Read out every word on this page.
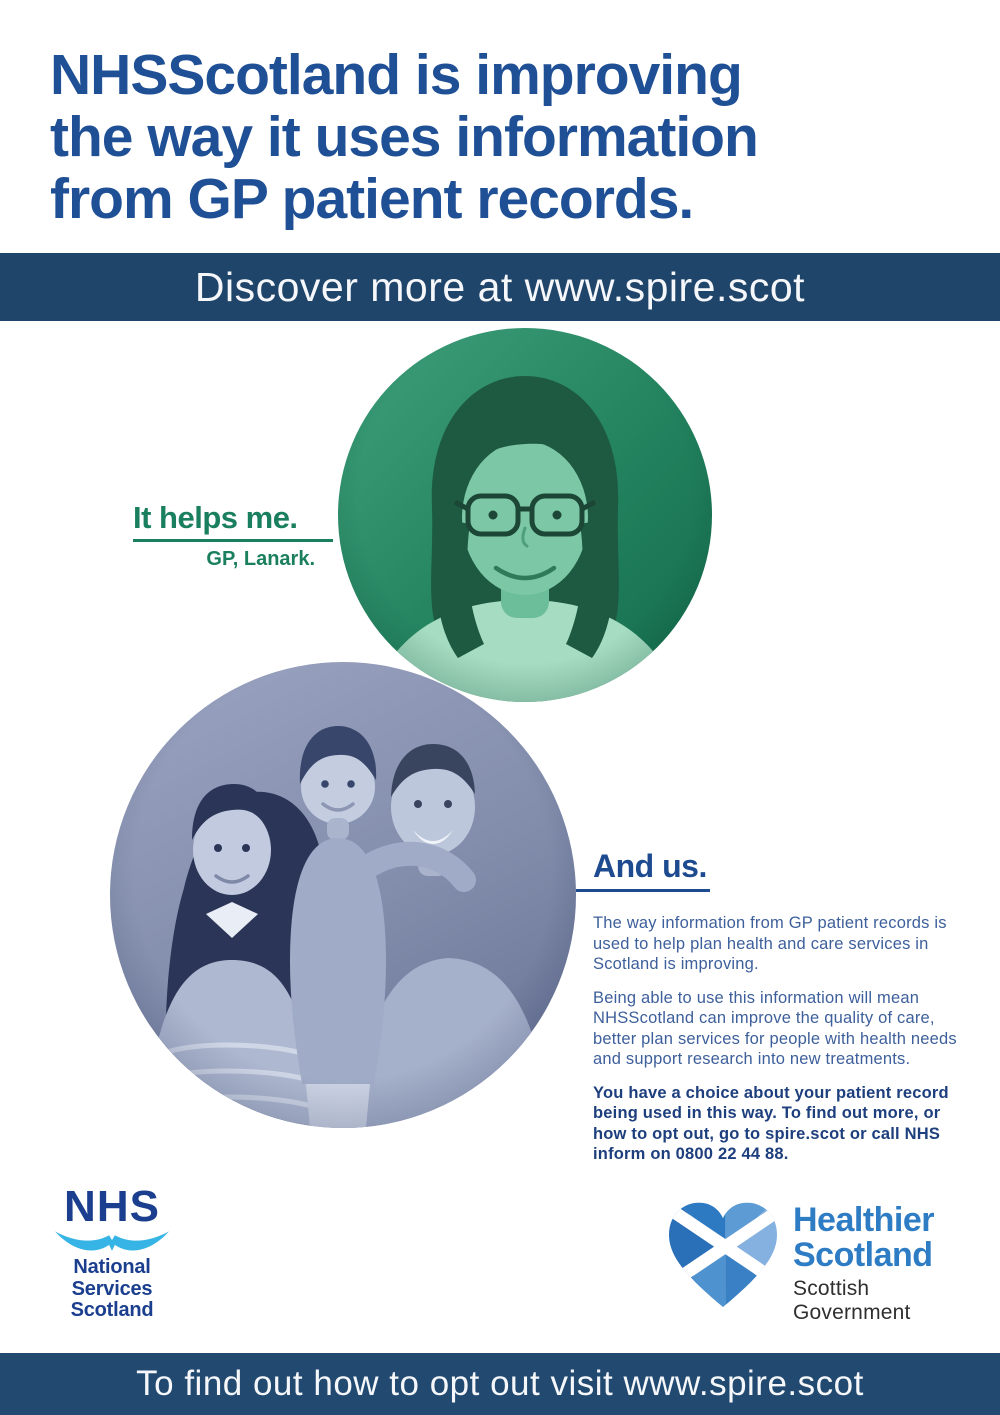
NHSScotland is improving
the way it uses information
from GP patient records.
Discover more at www.spire.scot
It helps me.
GP, Lanark.
And us.

The way information from GP patient records is used to help plan health and care services in Scotland is improving.

Being able to use this information will mean NHSScotland can improve the quality of care, better plan services for people with health needs and support research into new treatments.

You have a choice about your patient record being used in this way. To find out more, or how to opt out, go to spire.scot or call NHS inform on 0800 22 44 88.

NHS
National
Services
Scotland
Healthier
Scotland
Scottish
Government
To find out how to opt out visit www.spire.scot
